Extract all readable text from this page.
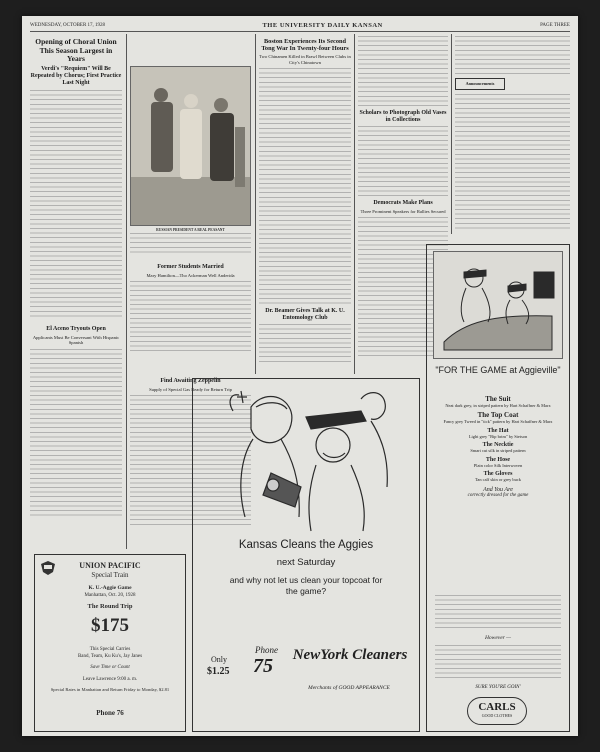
WEDNESDAY, OCTOBER 17, 1928	THE UNIVERSITY DAILY KANSAN	PAGE THREE
Opening of Choral Union This Season Largest in Years
Verdi's "Requiem" Will Be Repeated by Chorus; First Practice Last Night
El Aceno Tryouts Open
Applicants Must Be Conversant With Hispanic Spanish
RUSSIAN PRESIDENT A REAL PEASANT
Former Students Married
Mary Hamilton—Tho Ackerman Well Anderida
Find Awaiting Zeppelin
Supply of Special Gas Ready for Return Trip
Boston Experiences Its Second Tong War In Twenty-four Hours
Two Chinamen Killed in Brawl Between Clubs in City's Chinatown
Dr. Beamer Gives Talk at K. U. Entomology Club
Scholars to Photograph Old Vases in Collections
Democrats Make Plans
Three Prominent Speakers for Rallies Secured
Announcements
UNION PACIFIC
Special Train
K. U.-Aggie Game
Manhattan, Oct. 20, 1928
The Round Trip
$175
This Special Carries
Band, Team, Ku Ku's, Jay Janes
Save Time or Count
Leave Lawrence 9:00 a. m.
Special Rates in Manhattan and Return Friday to Monday, $2.81
Phone 76
Kansas Cleans the Aggies
next Saturday
and why not let us clean your topcoat for the game?
Only
$1.25
Phone
75	NewYork Cleaners
Merchants of GOOD APPEARANCE
"FOR THE GAME at Aggieville"
The Suit
Neat dark grey, in striped pattern by Hart Schaffner & Marx
The Top Coat
Fancy grey Tweed in "tick" pattern by Hart Schaffner & Marx
The Hat
Light grey "Bip brim" by Stetson
The Necktie
Smart cut silk in striped pattern
The Hose
Plain color Silk Interwoven
The Gloves
Tan calf skin or grey buck
And You Are
correctly dressed for the game
However —
SURE YOU'RE GOIN'
CARLS
GOOD CLOTHES
